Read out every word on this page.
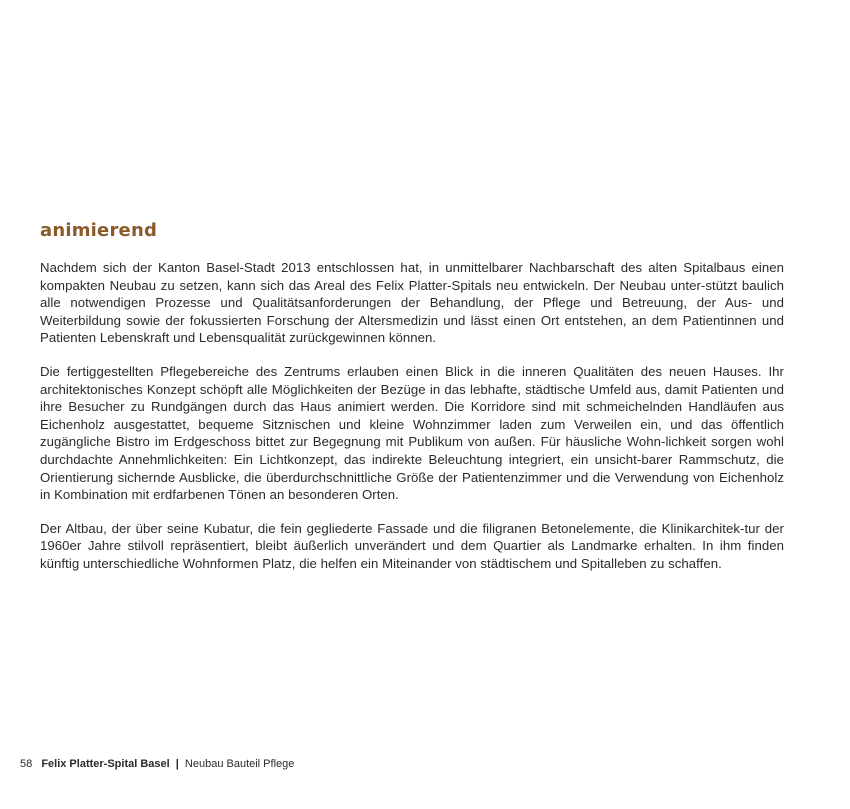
animierend

Nachdem sich der Kanton Basel-Stadt 2013 entschlossen hat, in unmittelbarer Nachbarschaft des alten Spitalbaus einen kompakten Neubau zu setzen, kann sich das Areal des Felix Platter-Spitals neu entwickeln. Der Neubau unter-stützt baulich alle notwendigen Prozesse und Qualitätsanforderungen der Behandlung, der Pflege und Betreuung, der Aus- und Weiterbildung sowie der fokussierten Forschung der Altersmedizin und lässt einen Ort entstehen, an dem Patientinnen und Patienten Lebenskraft und Lebensqualität zurückgewinnen können.

Die fertiggestellten Pflegebereiche des Zentrums erlauben einen Blick in die inneren Qualitäten des neuen Hauses. Ihr architektonisches Konzept schöpft alle Möglichkeiten der Bezüge in das lebhafte, städtische Umfeld aus, damit Patienten und ihre Besucher zu Rundgängen durch das Haus animiert werden. Die Korridore sind mit schmeichelnden Handläufen aus Eichenholz ausgestattet, bequeme Sitznischen und kleine Wohnzimmer laden zum Verweilen ein, und das öffentlich zugängliche Bistro im Erdgeschoss bittet zur Begegnung mit Publikum von außen. Für häusliche Wohn-lichkeit sorgen wohl durchdachte Annehmlichkeiten: Ein Lichtkonzept, das indirekte Beleuchtung integriert, ein unsicht-barer Rammschutz, die Orientierung sichernde Ausblicke, die überdurchschnittliche Größe der Patientenzimmer und die Verwendung von Eichenholz in Kombination mit erdfarbenen Tönen an besonderen Orten.

Der Altbau, der über seine Kubatur, die fein gegliederte Fassade und die filigranen Betonelemente, die Klinikarchitek-tur der 1960er Jahre stilvoll repräsentiert, bleibt äußerlich unverändert und dem Quartier als Landmarke erhalten. In ihm finden künftig unterschiedliche Wohnformen Platz, die helfen ein Miteinander von städtischem und Spitalleben zu schaffen.

58 Felix Platter-Spital Basel | Neubau Bauteil Pflege
